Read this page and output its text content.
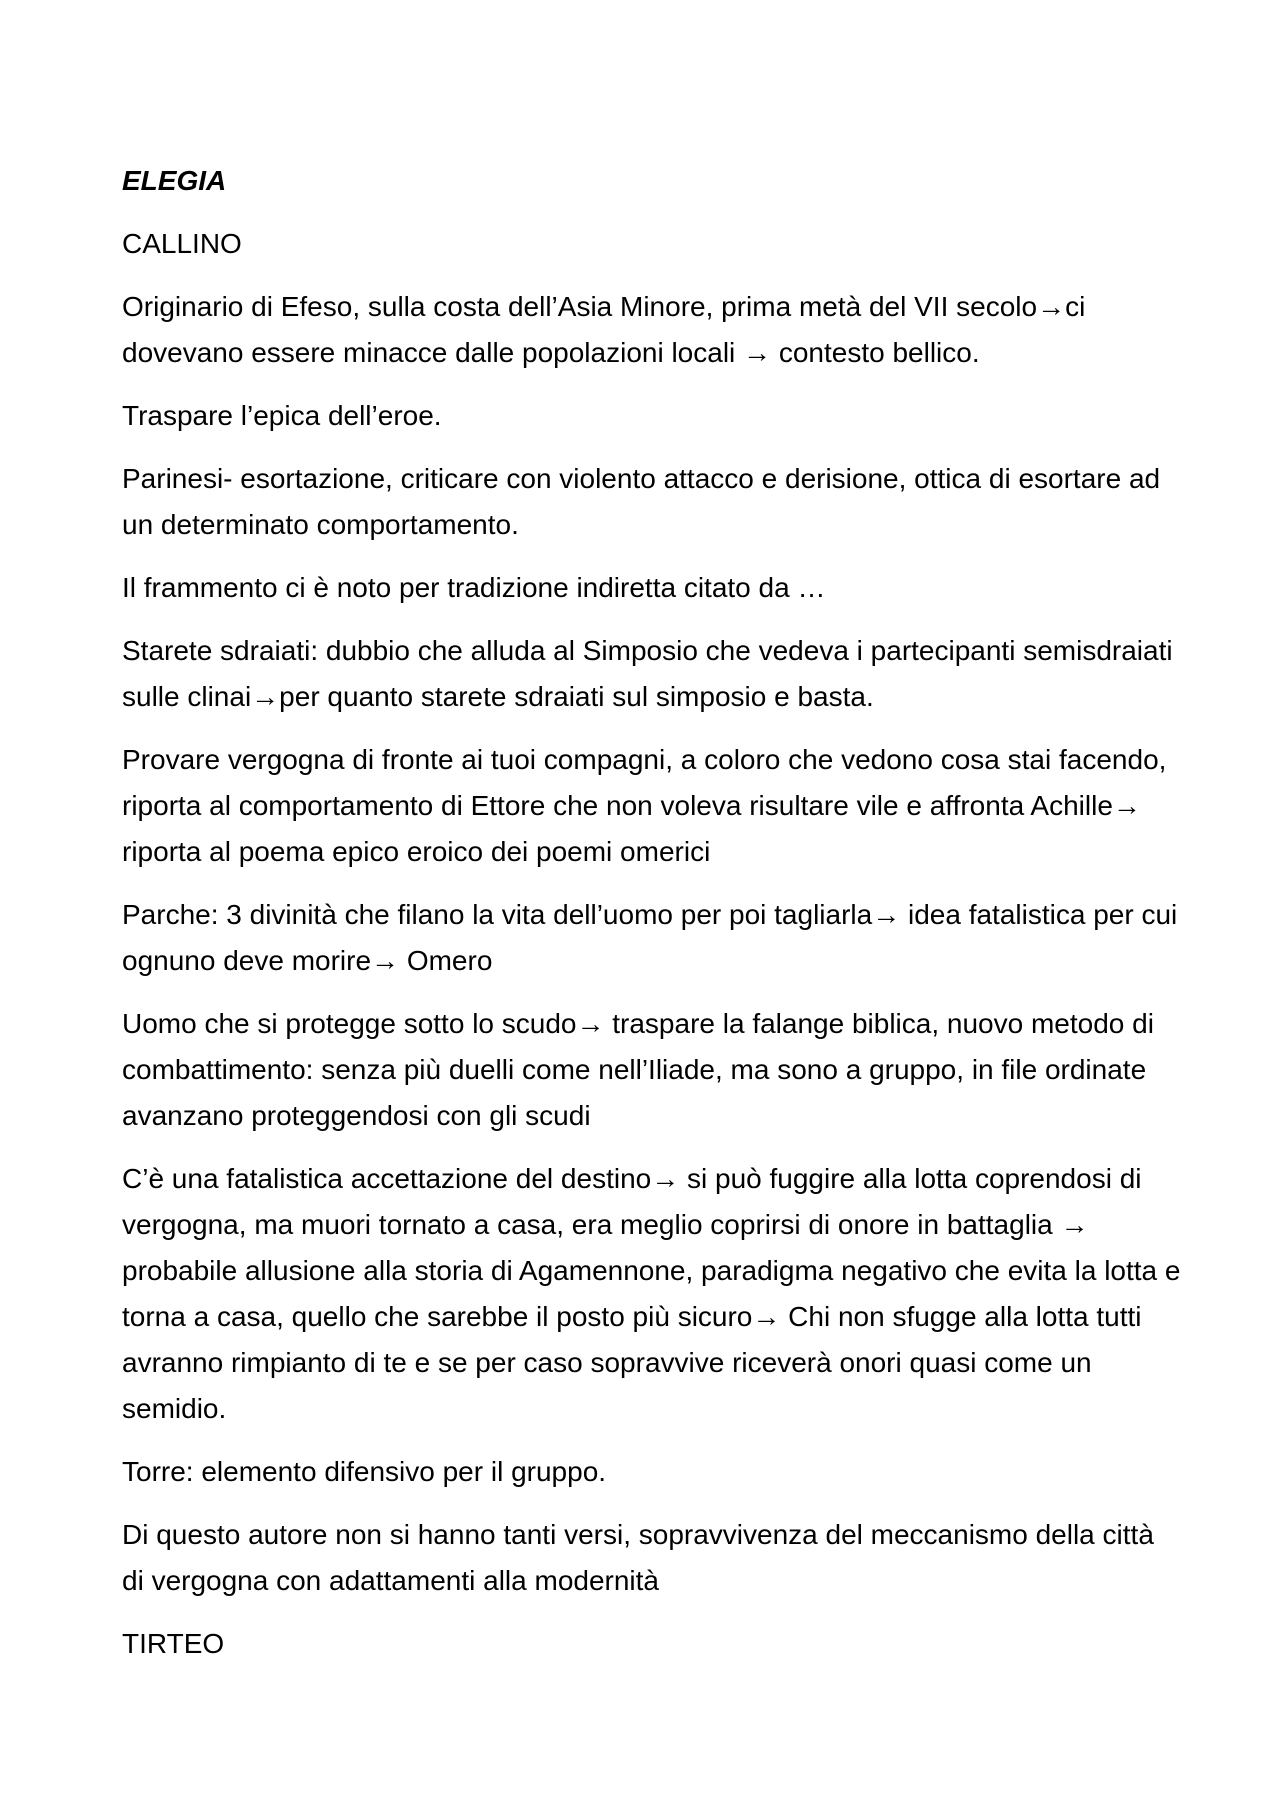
ELEGIA

CALLINO

Originario di Efeso, sulla costa dell’Asia Minore, prima metà del VII secolo→ci dovevano essere minacce dalle popolazioni locali → contesto bellico.

Traspare l’epica dell’eroe.

Parinesi- esortazione, criticare con violento attacco e derisione, ottica di esortare ad un determinato comportamento.

Il frammento ci è noto per tradizione indiretta citato da …

Starete sdraiati: dubbio che alluda al Simposio che vedeva i partecipanti semisdraiati sulle clinai→per quanto starete sdraiati sul simposio e basta.

Provare vergogna di fronte ai tuoi compagni, a coloro che vedono cosa stai facendo, riporta al comportamento di Ettore che non voleva risultare vile e affronta Achille→ riporta al poema epico eroico dei poemi omerici

Parche: 3 divinità che filano la vita dell’uomo per poi tagliarla→ idea fatalistica per cui ognuno deve morire→ Omero

Uomo che si protegge sotto lo scudo→ traspare la falange biblica, nuovo metodo di combattimento: senza più duelli come nell’Iliade, ma sono a gruppo, in file ordinate avanzano proteggendosi con gli scudi

C’è una fatalistica accettazione del destino→ si può fuggire alla lotta coprendosi di vergogna, ma muori tornato a casa, era meglio coprirsi di onore in battaglia → probabile allusione alla storia di Agamennone, paradigma negativo che evita la lotta e torna a casa, quello che sarebbe il posto più sicuro→ Chi non sfugge alla lotta tutti avranno rimpianto di te e se per caso sopravvive riceverà onori quasi come un semidio.

Torre: elemento difensivo per il gruppo.

Di questo autore non si hanno tanti versi, sopravvivenza del meccanismo della città di vergogna con adattamenti alla modernità

TIRTEO
